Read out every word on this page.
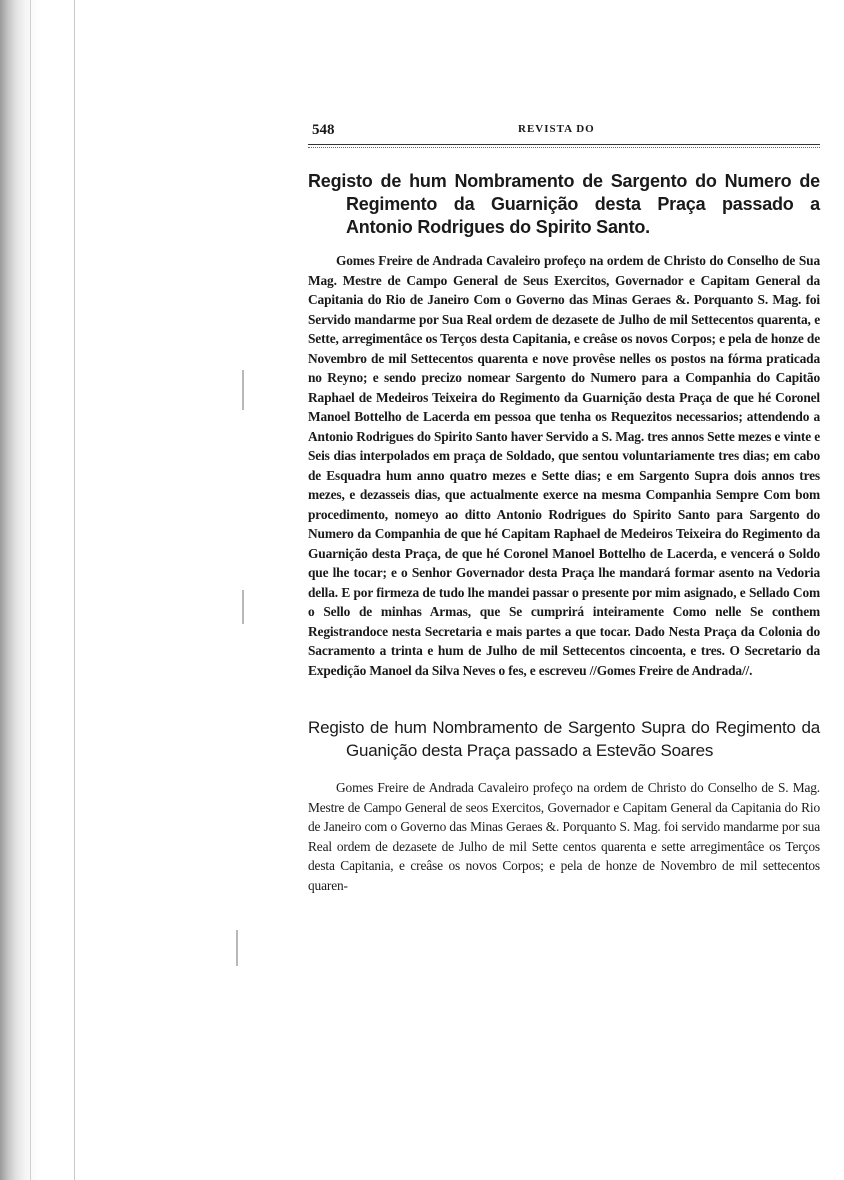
548	REVISTA DO
Registo de hum Nombramento de Sargento do Numero de Regimento da Guarnição desta Praça passado a Antonio Rodrigues do Spirito Santo.

Gomes Freire de Andrada Cavaleiro profeço na ordem de Christo do Conselho de Sua Mag. Mestre de Campo General de Seus Exercitos, Governador e Capitam General da Capitania do Rio de Janeiro Com o Governo das Minas Geraes &. Porquanto S. Mag. foi Servido mandarme por Sua Real ordem de dezasete de Julho de mil Settecentos quarenta, e Sette, arregimentâce os Terços desta Capitania, e creâse os novos Corpos; e pela de honze de Novembro de mil Settecentos quarenta e nove provêse nelles os postos na fórma praticada no Reyno; e sendo precizo nomear Sargento do Numero para a Companhia do Capitão Raphael de Medeiros Teixeira do Regimento da Guarnição desta Praça de que hé Coronel Manoel Bottelho de Lacerda em pessoa que tenha os Requezitos necessarios; attendendo a Antonio Rodrigues do Spirito Santo haver Servido a S. Mag. tres annos Sette mezes e vinte e Seis dias interpolados em praça de Soldado, que sentou voluntariamente tres dias; em cabo de Esquadra hum anno quatro mezes e Sette dias; e em Sargento Supra dois annos tres mezes, e dezasseis dias, que actualmente exerce na mesma Companhia Sempre Com bom procedimento, nomeyo ao ditto Antonio Rodrigues do Spirito Santo para Sargento do Numero da Companhia de que hé Capitam Raphael de Medeiros Teixeira do Regimento da Guarnição desta Praça, de que hé Coronel Manoel Bottelho de Lacerda, e vencerá o Soldo que lhe tocar; e o Senhor Governador desta Praça lhe mandará formar asento na Vedoria della. E por firmeza de tudo lhe mandei passar o presente por mim asignado, e Sellado Com o Sello de minhas Armas, que Se cumprirá inteiramente Como nelle Se conthem Registrandoce nesta Secretaria e mais partes a que tocar. Dado Nesta Praça da Colonia do Sacramento a trinta e hum de Julho de mil Settecentos cincoenta, e tres. O Secretario da Expedição Manoel da Silva Neves o fes, e escreveu //Gomes Freire de Andrada//.

Registo de hum Nombramento de Sargento Supra do Regimento da Guanição desta Praça passado a Estevão Soares

Gomes Freire de Andrada Cavaleiro profeço na ordem de Christo do Conselho de S. Mag. Mestre de Campo General de seos Exercitos, Governador e Capitam General da Capitania do Rio de Janeiro com o Governo das Minas Geraes &. Porquanto S. Mag. foi servido mandarme por sua Real ordem de dezasete de Julho de mil Sette centos quarenta e sette arregimentâce os Terços desta Capitania, e creâse os novos Corpos; e pela de honze de Novembro de mil settecentos quaren-
